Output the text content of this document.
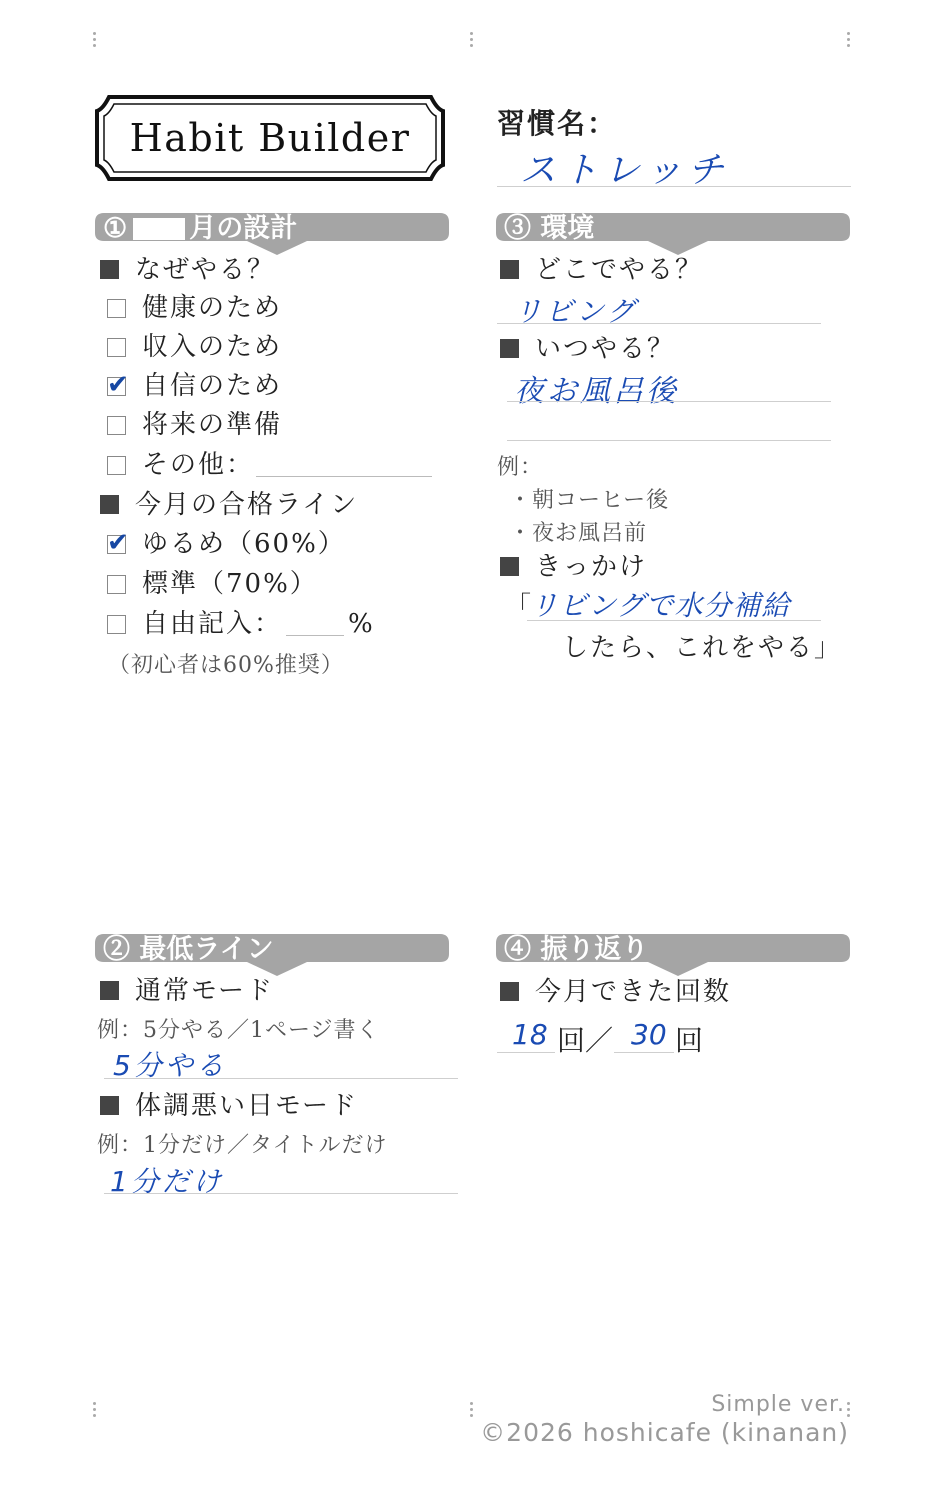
Habit Builder	習慣名：
ストレッチ
① 月の設計
なぜやる？
健康のため
収入のため
✔自信のため
将来の準備
その他：
今月の合格ライン
✔ゆるめ（60%）
標準（70%）
自由記入：	%
（初心者は60%推奨）
③ 環境
どこでやる？
リビング
いつやる？
夜お風呂後
例：
・朝コーヒー後
・夜お風呂前
きっかけ
「
リビングで水分補給
したら、これをやる」
② 最低ライン
通常モード
例：5分やる／1ページ書く
5分やる
体調悪い日モード
例：1分だけ／タイトルだけ
1分だけ
④ 振り返り
今月できた回数
18 回／ 30 回
Simple ver.
©2026 hoshicafe (kinanan)
